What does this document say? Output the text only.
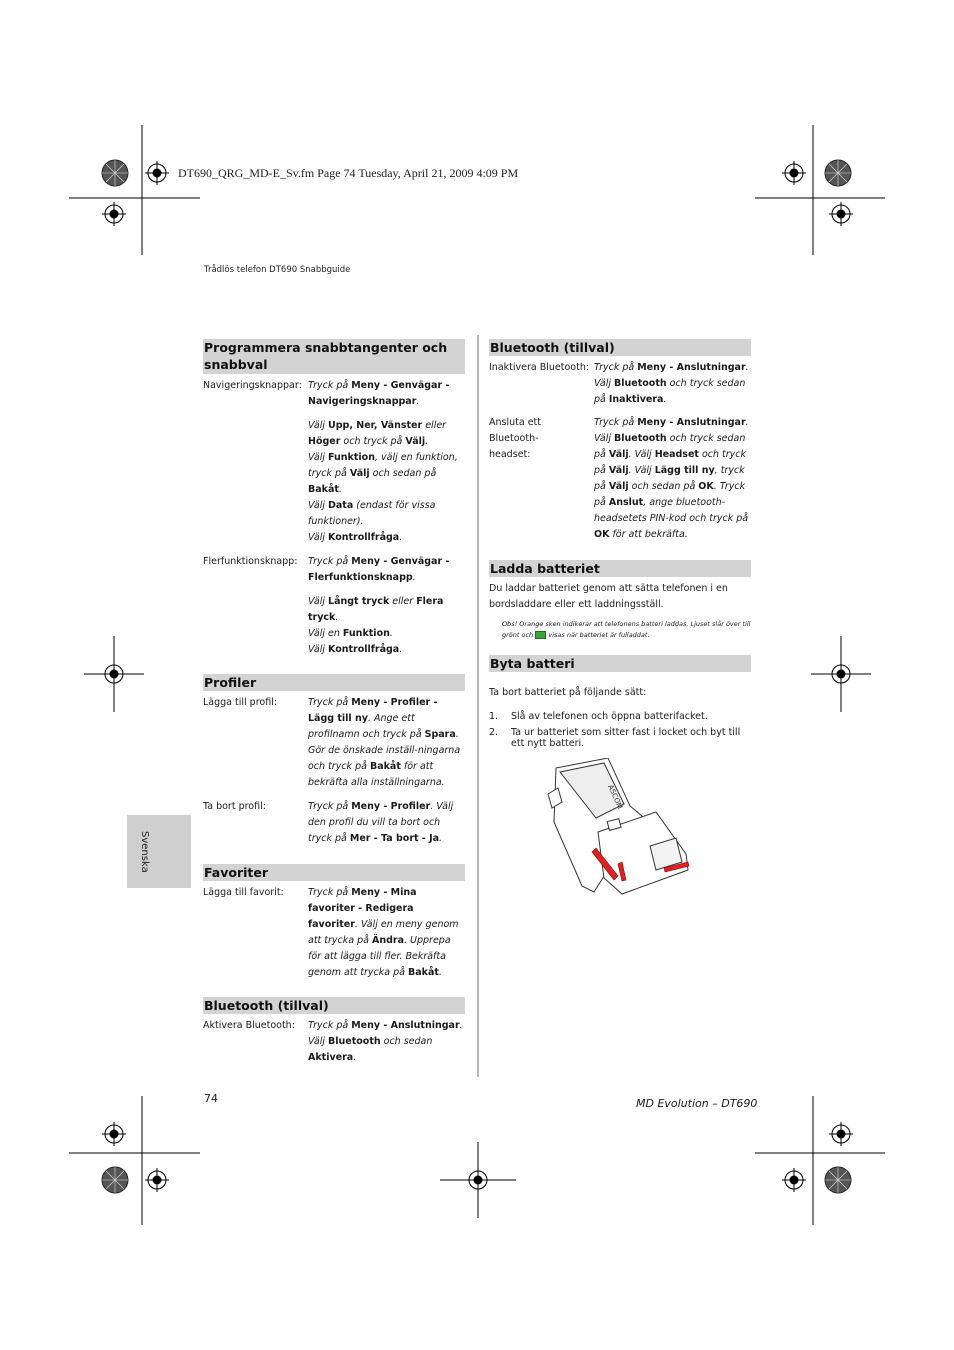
DT690_QRG_MD-E_Sv.fm Page 74 Tuesday, April 21, 2009 4:09 PM
Trådlös telefon DT690 Snabbguide
Svenska
Programmera snabbtangenter och snabbval
Navigeringsknappar: Tryck på Meny - Genvägar - Navigeringsknappar.
Välj Upp, Ner, Vänster eller Höger och tryck på Välj.
Välj Funktion, välj en funktion, tryck på Välj och sedan på Bakåt.
Välj Data (endast för vissa funktioner).
Välj Kontrollfråga.
Flerfunktionsknapp:	Tryck på Meny - Genvägar - Flerfunktionsknapp.
Välj Långt tryck eller Flera tryck.
Välj en Funktion.
Välj Kontrollfråga.
Profiler
Lägga till profil:	Tryck på Meny - Profiler - Lägg till ny. Ange ett profilnamn och tryck på Spara. Gör de önskade inställ-ningarna och tryck på Bakåt för att bekräfta alla inställningarna.
Ta bort profil:	Tryck på Meny - Profiler. Välj den profil du vill ta bort och tryck på Mer - Ta bort - Ja.
Favoriter
Lägga till favorit:	Tryck på Meny - Mina favoriter - Redigera favoriter. Välj en meny genom att trycka på Ändra. Upprepa för att lägga till fler. Bekräfta genom att trycka på Bakåt.
Bluetooth (tillval)
Aktivera Bluetooth:	Tryck på Meny - Anslutningar. Välj Bluetooth och sedan Aktivera.
Bluetooth (tillval)
Inaktivera Bluetooth: Tryck på Meny - Anslutningar. Välj Bluetooth och tryck sedan på Inaktivera.
Ansluta ett Bluetooth-headset:
Tryck på Meny - Anslutningar. Välj Bluetooth och tryck sedan på Välj. Välj Headset och tryck på Välj. Välj Lägg till ny, tryck på Välj och sedan på OK. Tryck på Anslut, ange bluetooth-headsetets PIN-kod och tryck på OK för att bekräfta.
Ladda batteriet
Du laddar batteriet genom att sätta telefonen i en bordsladdare eller ett laddningsställ.
Obs! Orange sken indikerar att telefonens batteri laddas. Ljuset slår över till grönt och visas när batteriet är fulladdat.
Byta batteri
Ta bort batteriet på följande sätt:
1. Slå av telefonen och öppna batterifacket.
2. Ta ur batteriet som sitter fast i locket och byt till ett nytt batteri.
ASCOM
74	MD Evolution – DT690
